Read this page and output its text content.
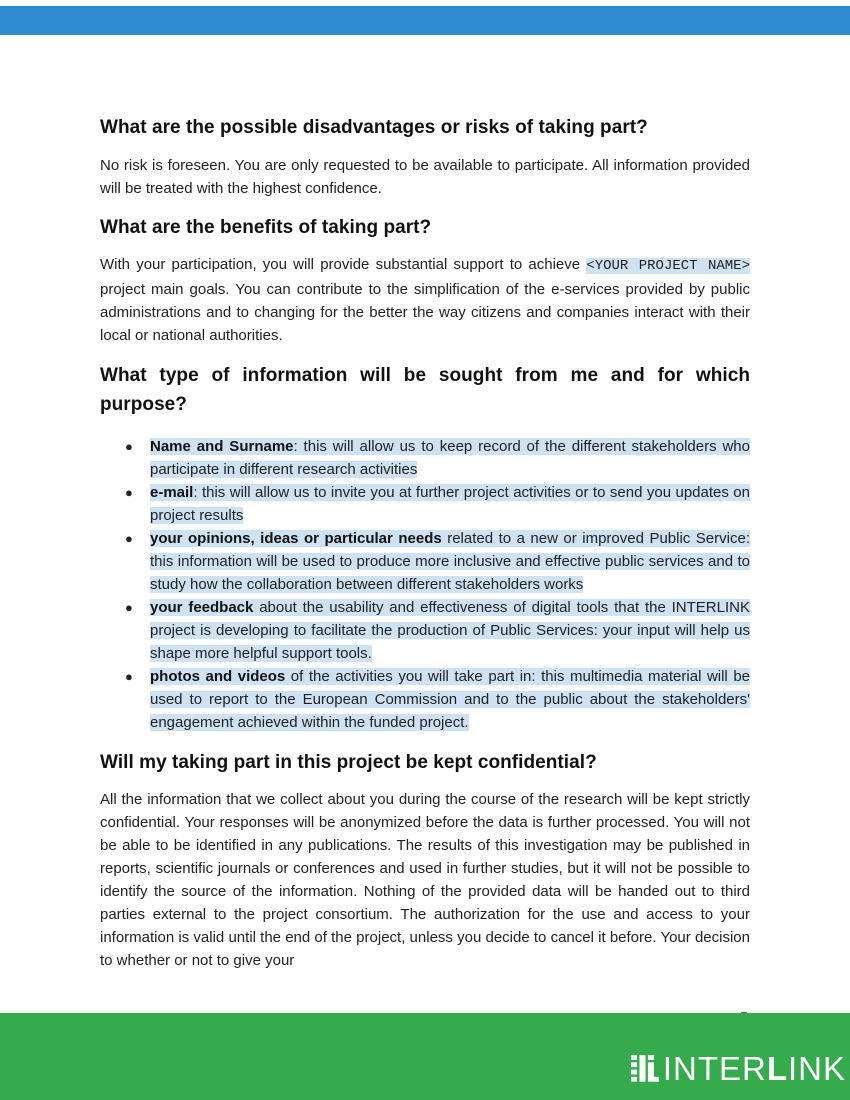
What are the possible disadvantages or risks of taking part?

No risk is foreseen. You are only requested to be available to participate. All information provided will be treated with the highest confidence.

What are the benefits of taking part?

With your participation, you will provide substantial support to achieve <YOUR PROJECT NAME> project main goals. You can contribute to the simplification of the e-services provided by public administrations and to changing for the better the way citizens and companies interact with their local or national authorities.

What type of information will be sought from me and for which
purpose?
● Name and Surname: this will allow us to keep record of the different stakeholders who participate in different research activities
● e-mail: this will allow us to invite you at further project activities or to send you updates on project results
● your opinions, ideas or particular needs related to a new or improved Public Service: this information will be used to produce more inclusive and effective public services and to study how the collaboration between different stakeholders works
● your feedback about the usability and effectiveness of digital tools that the INTERLINK project is developing to facilitate the production of Public Services: your input will help us shape more helpful support tools.
● photos and videos of the activities you will take part in: this multimedia material will be used to report to the European Commission and to the public about the stakeholders' engagement achieved within the funded project.
Will my taking part in this project be kept confidential?

All the information that we collect about you during the course of the research will be kept strictly confidential. Your responses will be anonymized before the data is further processed. You will not be able to be identified in any publications. The results of this investigation may be published in reports, scientific journals or conferences and used in further studies, but it will not be possible to identify the source of the information. Nothing of the provided data will be handed out to third parties external to the project consortium. The authorization for the use and access to your information is valid until the end of the project, unless you decide to cancel it before. Your decision to whether or not to give your

INTERLINK
